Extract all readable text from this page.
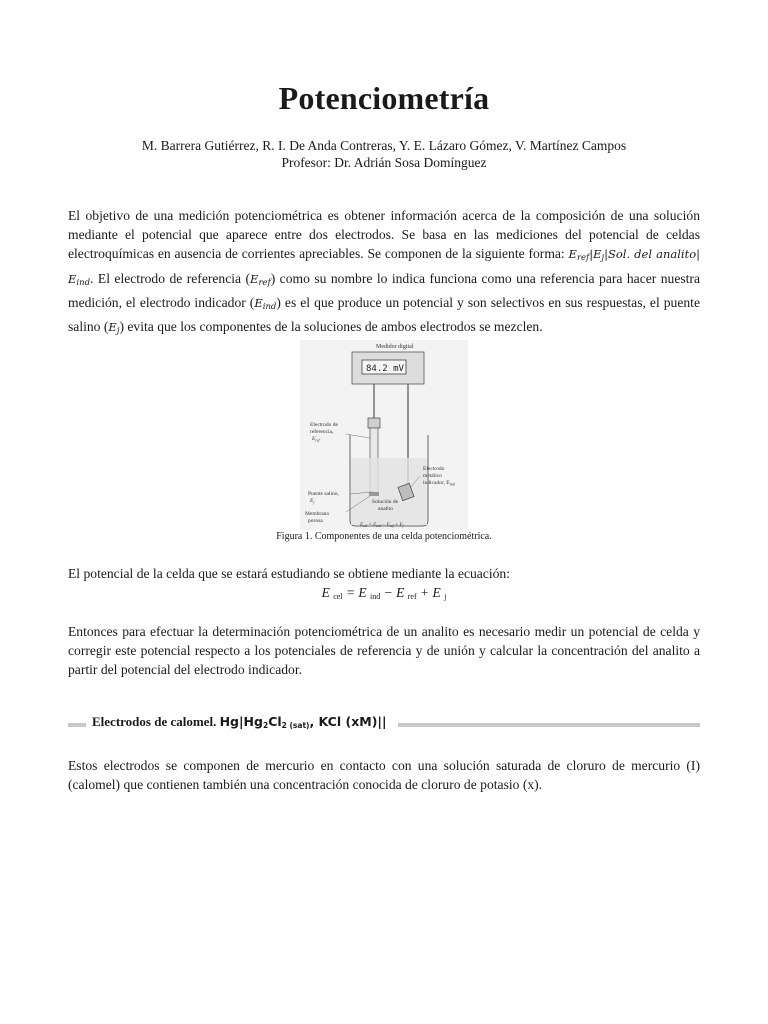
Potenciometría
M. Barrera Gutiérrez, R. I. De Anda Contreras, Y. E. Lázaro Gómez, V. Martínez Campos
Profesor: Dr. Adrián Sosa Domínguez

El objetivo de una medición potenciométrica es obtener información acerca de la composición de una solución mediante el potencial que aparece entre dos electrodos. Se basa en las mediciones del potencial de celdas electroquímicas en ausencia de corrientes apreciables. Se componen de la siguiente forma: $E_{ref}|E_j|Sol$. del analito| $E_{ind}$. El electrodo de referencia $(E_{ref})$ como su nombre lo indica funciona como una referencia para hacer nuestra medición, el electrodo indicador $(E_{ind})$ es el que produce un potencial y son selectivos en sus respuestas, el puente salino $(E_j)$ evita que los componentes de la soluciones de ambos electrodos se mezclen.

Medidor digital
84.2 mV
Electrodo de
referencia,
$E_{ref}$
Electrodo
metálico
indicador, $E_{ind}$
Puente salino,
$E_j$	Solución de
analito
Membrana
porosa
$E_{cel} = E_{ind} - E_{ref} + E_j$
Figura 1. Componentes de una celda potenciométrica.

El potencial de la celda que se estará estudiando se obtiene mediante la ecuación:

E cel = E ind − E ref + E j

Entonces para efectuar la determinación potenciométrica de un analito es necesario medir un potencial de celda y corregir este potencial respecto a los potenciales de referencia y de unión y calcular la concentración del analito a partir del potencial del electrodo indicador.

Electrodos de calomel. Hg|Hg2Cl2 (sat), KCl (xM)||

Estos electrodos se componen de mercurio en contacto con una solución saturada de cloruro de mercurio (I) (calomel) que contienen también una concentración conocida de cloruro de potasio (x).
